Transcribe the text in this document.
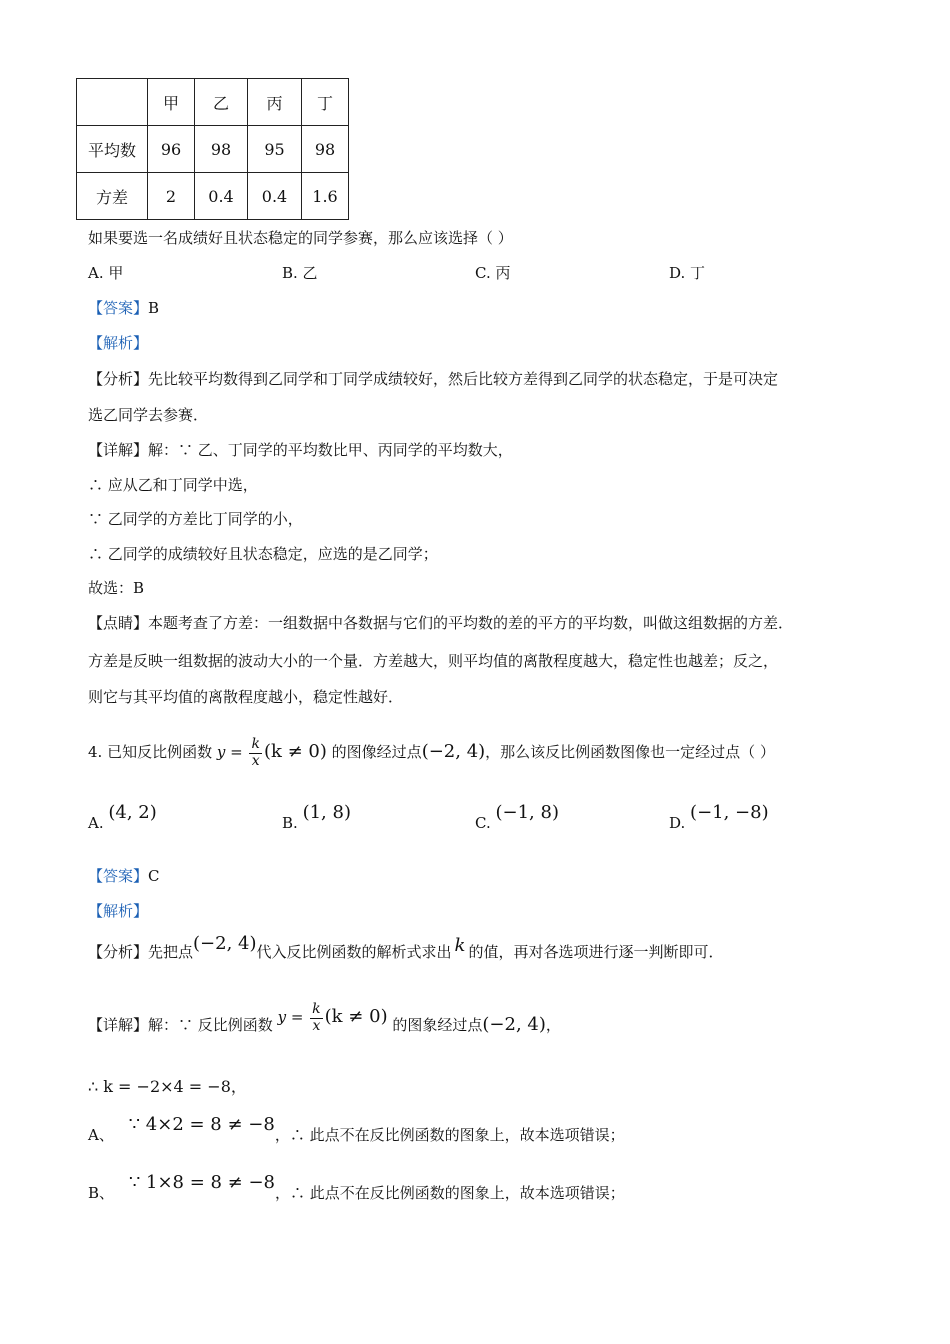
	甲	乙	丙	丁
平均数	96	98	95	98
方差	2	0.4	0.4	1.6
如果要选一名成绩好且状态稳定的同学参赛，那么应该选择（ ）
A. 甲	B. 乙	C. 丙	D. 丁
【答案】B
【解析】
【分析】先比较平均数得到乙同学和丁同学成绩较好，然后比较方差得到乙同学的状态稳定，于是可决定
选乙同学去参赛．
【详解】解：∵ 乙、丁同学的平均数比甲、丙同学的平均数大，
∴ 应从乙和丁同学中选，
∵ 乙同学的方差比丁同学的小，
∴ 乙同学的成绩较好且状态稳定，应选的是乙同学；
故选：B
【点睛】本题考查了方差：一组数据中各数据与它们的平均数的差的平方的平均数，叫做这组数据的方差．
方差是反映一组数据的波动大小的一个量．方差越大，则平均值的离散程度越大，稳定性也越差；反之，
则它与其平均值的离散程度越小，稳定性越好．
4. 已知反比例函数 $y = \frac{k}{x} (k \ne 0)$ 的图像经过点(−2, 4)，那么该反比例函数图像也一定经过点（ ）
A. (4, 2)	B. (1, 8)	C. (−1, 8)	D. (−1, −8)
【答案】C
【解析】
【分析】先把点(−2, 4)代入反比例函数的解析式求出 k 的值，再对各选项进行逐一判断即可．
【详解】解：∵ 反比例函数 $y = \frac{k}{x} (k \ne 0)$ 的图象经过点(−2, 4)，
∴ k = −2×4 = −8，
A、 ∵ 4×2 = 8 ≠ −8，∴ 此点不在反比例函数的图象上，故本选项错误；
B、 ∵ 1×8 = 8 ≠ −8，∴ 此点不在反比例函数的图象上，故本选项错误；
